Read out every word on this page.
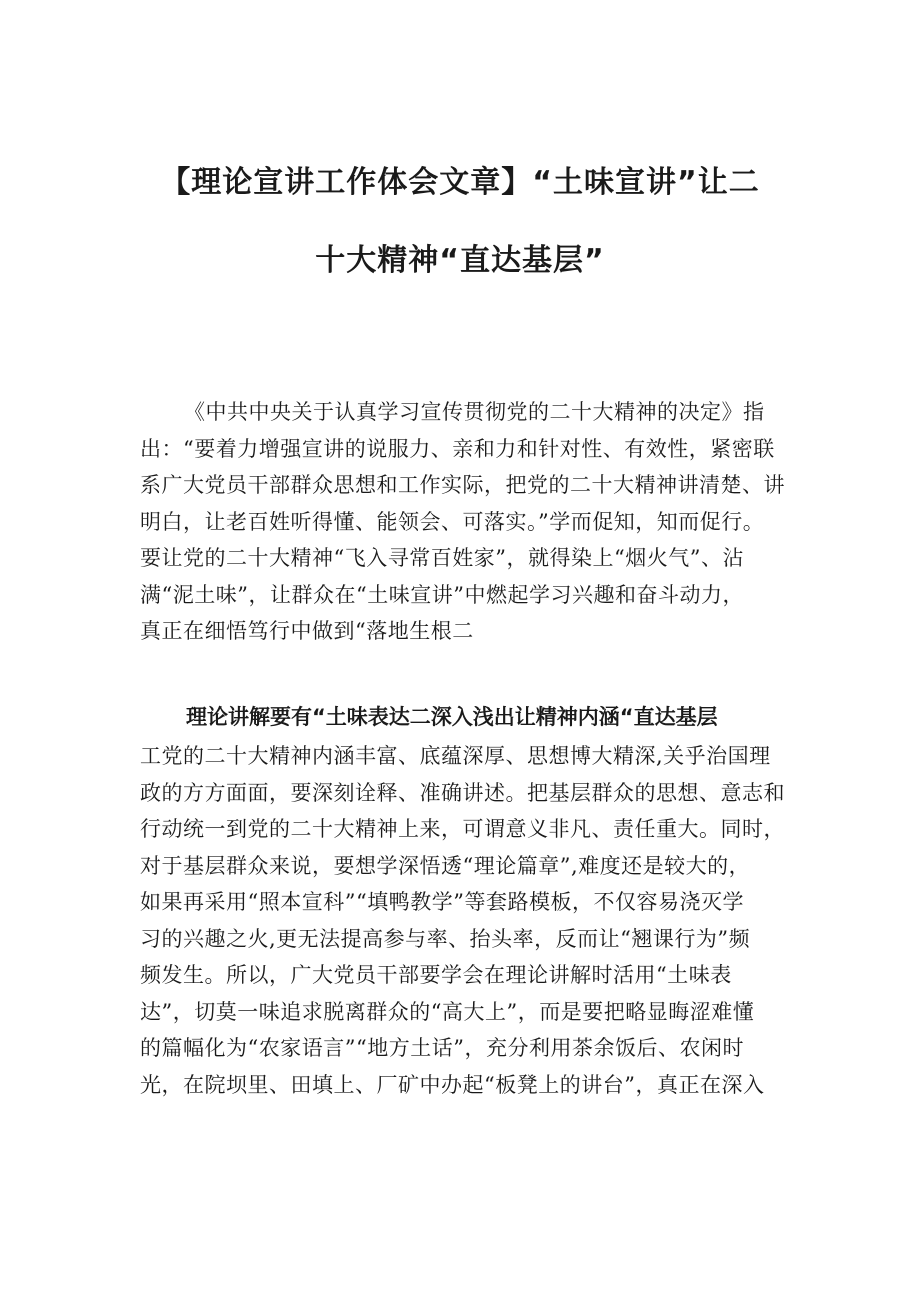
【理论宣讲工作体会文章】“土味宣讲”让二
十大精神“直达基层”
《中共中央关于认真学习宣传贯彻党的二十大精神的决定》指
出：“要着力增强宣讲的说服力、亲和力和针对性、有效性，紧密联
系广大党员干部群众思想和工作实际，把党的二十大精神讲清楚、讲
明白，让老百姓听得懂、能领会、可落实。”学而促知，知而促行。
要让党的二十大精神“飞入寻常百姓家”，就得染上“烟火气”、沾
满“泥土味”，让群众在“土味宣讲”中燃起学习兴趣和奋斗动力，
真正在细悟笃行中做到“落地生根二
理论讲解要有“土味表达二深入浅出让精神内涵“直达基层
工党的二十大精神内涵丰富、底蕴深厚、思想博大精深,关乎治国理
政的方方面面，要深刻诠释、准确讲述。把基层群众的思想、意志和
行动统一到党的二十大精神上来，可谓意义非凡、责任重大。同时，
对于基层群众来说，要想学深悟透“理论篇章”,难度还是较大的，
如果再采用“照本宣科”“填鸭教学”等套路模板，不仅容易浇灭学
习的兴趣之火,更无法提高参与率、抬头率，反而让“翘课行为”频
频发生。所以，广大党员干部要学会在理论讲解时活用“土味表
达”，切莫一味追求脱离群众的“高大上”，而是要把略显晦涩难懂
的篇幅化为“农家语言”“地方土话”，充分利用茶余饭后、农闲时
光，在院坝里、田填上、厂矿中办起“板凳上的讲台”，真正在深入
